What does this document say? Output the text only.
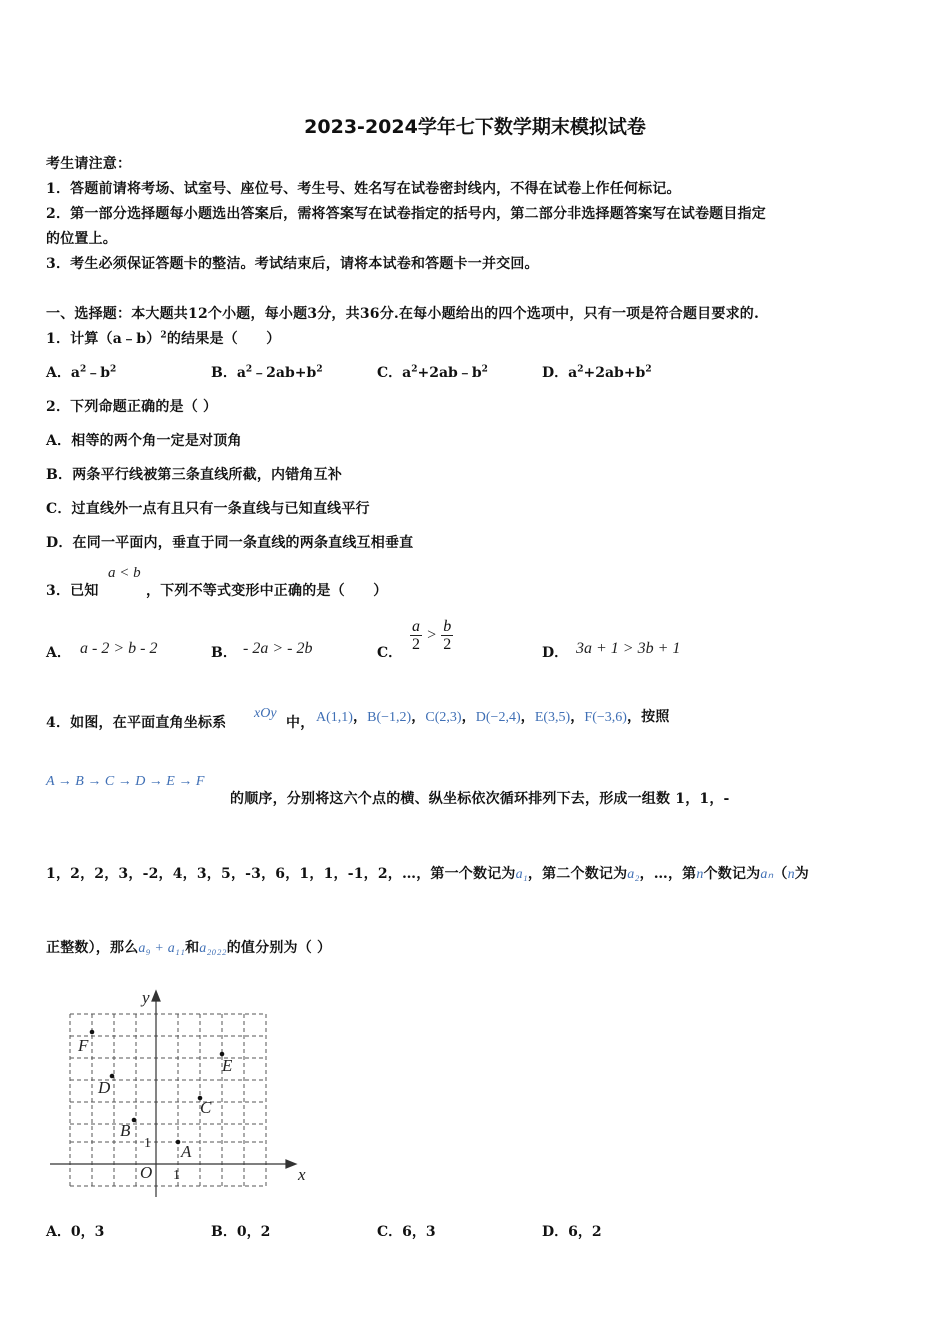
2023-2024学年七下数学期末模拟试卷
考生请注意：
1．答题前请将考场、试室号、座位号、考生号、姓名写在试卷密封线内，不得在试卷上作任何标记。
2．第一部分选择题每小题选出答案后，需将答案写在试卷指定的括号内，第二部分非选择题答案写在试卷题目指定
的位置上。
3．考生必须保证答题卡的整洁。考试结束后，请将本试卷和答题卡一并交回。
一、选择题：本大题共12个小题，每小题3分，共36分.在每小题给出的四个选项中，只有一项是符合题目要求的.
1．计算（a﹣b）$^2$的结果是（　　）
A．$a^2﹣b^2$	B．$a^2﹣2ab+b^2$	C．$a^2+2ab﹣b^2$	D．$a^2+2ab+b^2$
2．下列命题正确的是（ ）
A．相等的两个角一定是对顶角
B．两条平行线被第三条直线所截，内错角互补
C．过直线外一点有且只有一条直线与已知直线平行
D．在同一平面内，垂直于同一条直线的两条直线互相垂直
3．已知
a < b
，下列不等式变形中正确的是（　　）
A． a - 2 > b - 2	B． - 2a > - 2b	C． $\frac{a}{2} > \frac{b}{2}$	D． 3a + 1 > 3b + 1
4．如图，在平面直角坐标系
xOy
中， A(1,1)，B(−1,2)，C(2,3)，D(−2,4)，E(3,5)，F(−3,6)，按照
A → B → C → D → E → F
的顺序，分别将这六个点的横、纵坐标依次循环排列下去，形成一组数 1，1，-
1，2，2，3，-2，4，3，5，-3，6，1，1，-1，2，…，第一个数记为a₁，第二个数记为a₂，…，第n个数记为aₙ（n为
正整数），那么a₉ + a₁₁和a₂₀₂₂的值分别为（ ）
x
y
O
A
B
C
D
E
F
1
1
A．0，3	B．0，2	C．6，3	D．6，2
